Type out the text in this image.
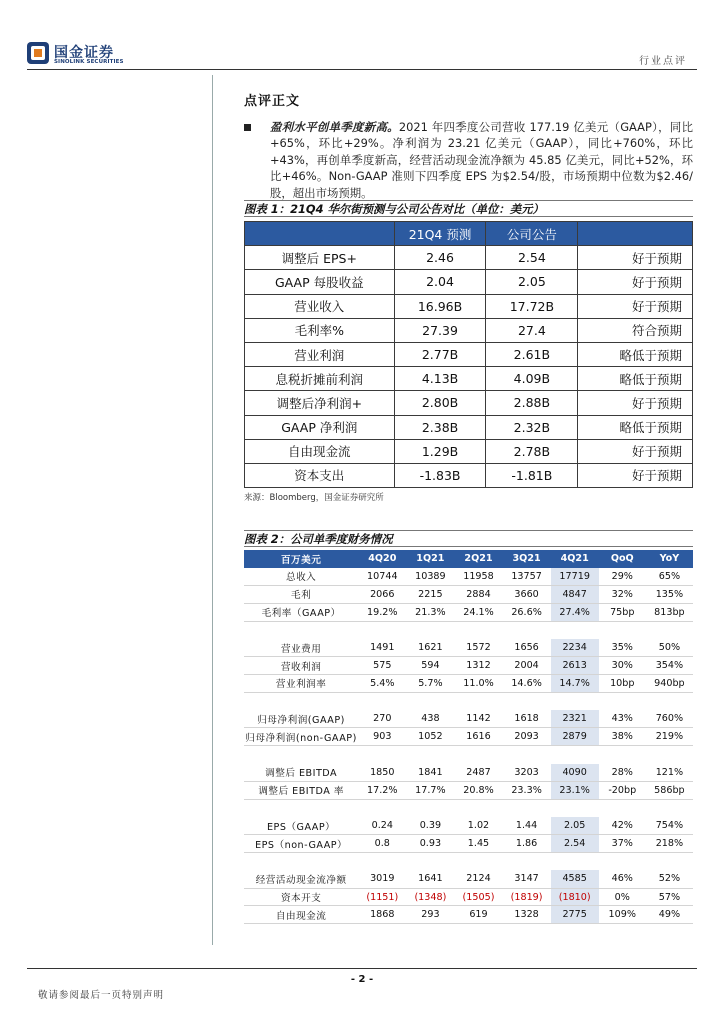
国金证券
SINOLINK SECURITIES	行业点评
点评正文
盈利水平创单季度新高。2021 年四季度公司营收 177.19 亿美元（GAAP），同比+65%，环比+29%。净利润为 23.21 亿美元（GAAP），同比+760%，环比+43%，再创单季度新高，经营活动现金流净额为 45.85 亿美元，同比+52%，环比+46%。Non-GAAP 准则下四季度 EPS 为$2.54/股，市场预期中位数为$2.46/股，超出市场预期。
图表 1：21Q4 华尔街预测与公司公告对比（单位：美元）
	21Q4 预测	公司公告	
调整后 EPS+	2.46	2.54	好于预期
GAAP 每股收益	2.04	2.05	好于预期
营业收入	16.96B	17.72B	好于预期
毛利率%	27.39	27.4	符合预期
营业利润	2.77B	2.61B	略低于预期
息税折摊前利润	4.13B	4.09B	略低于预期
调整后净利润+	2.80B	2.88B	好于预期
GAAP 净利润	2.38B	2.32B	略低于预期
自由现金流	1.29B	2.78B	好于预期
资本支出	-1.83B	-1.81B	好于预期
来源：Bloomberg，国金证券研究所
图表 2：公司单季度财务情况
百万美元	4Q20	1Q21	2Q21	3Q21	4Q21	QoQ	YoY
总收入	10744	10389	11958	13757	17719	29%	65%
毛利	2066	2215	2884	3660	4847	32%	135%
毛利率（GAAP）	19.2%	21.3%	24.1%	26.6%	27.4%	75bp	813bp

营业费用	1491	1621	1572	1656	2234	35%	50%
营收利润	575	594	1312	2004	2613	30%	354%
营业利润率	5.4%	5.7%	11.0%	14.6%	14.7%	10bp	940bp

归母净利润(GAAP)	270	438	1142	1618	2321	43%	760%
归母净利润(non-GAAP)	903	1052	1616	2093	2879	38%	219%

调整后 EBITDA	1850	1841	2487	3203	4090	28%	121%
调整后 EBITDA 率	17.2%	17.7%	20.8%	23.3%	23.1%	-20bp	586bp

EPS（GAAP）	0.24	0.39	1.02	1.44	2.05	42%	754%
EPS（non-GAAP）	0.8	0.93	1.45	1.86	2.54	37%	218%

经营活动现金流净额	3019	1641	2124	3147	4585	46%	52%
资本开支	(1151)	(1348)	(1505)	(1819)	(1810)	0%	57%
自由现金流	1868	293	619	1328	2775	109%	49%
- 2 -
敬请参阅最后一页特别声明
